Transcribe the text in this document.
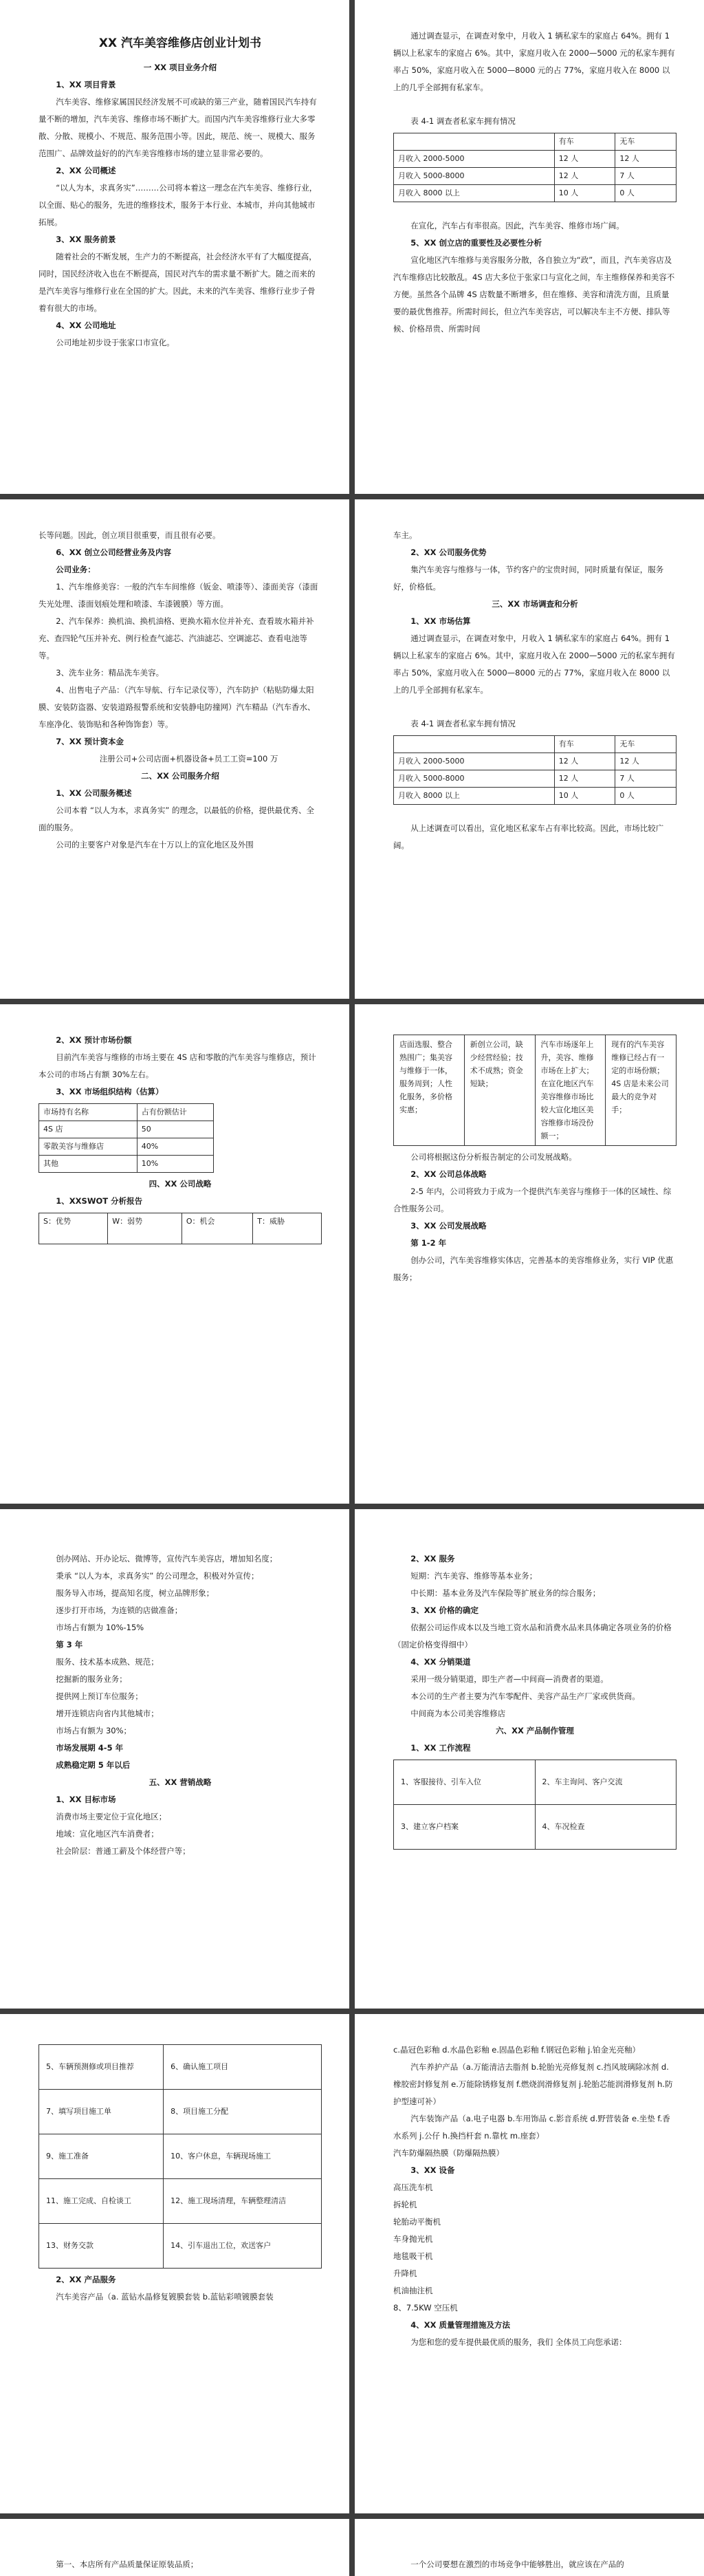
XX 汽车美容维修店创业计划书

一 XX 项目业务介绍

1、XX 项目背景

汽车美容、维修家属国民经济发展不可或缺的第三产业，随着国民汽车持有量不断的增加，汽车美容、维修市场不断扩大。而国内汽车美容维修行业大多零散、分散、规模小、不规范、服务范围小等。因此，规范、统一、规模大、服务范围广、品牌效益好的的汽车美容维修市场的建立显非常必要的。

2、XX 公司概述

“以人为本，求真务实”………公司将本着这一理念在汽车美容、维修行业，以全面、贴心的服务，先进的维修技术，服务于本行业、本城市，并向其他城市拓展。

3、XX 服务前景

随着社会的不断发展，生产力的不断提高，社会经济水平有了大幅度提高，同时，国民经济收入也在不断提高，国民对汽车的需求量不断扩大。随之而来的是汽车美容与维修行业在全国的扩大。因此，未来的汽车美容、维修行业步子骨着有很大的市场。

4、XX 公司地址

公司地址初步设于张家口市宣化。

通过调查显示，在调查对象中，月收入 1 辆私家车的家庭占 64%。拥有 1 辆以上私家车的家庭占 6%。其中，家庭月收入在 2000—5000 元的私家车拥有率占 50%，家庭月收入在 5000—8000 元的占 77%，家庭月收入在 8000 以上的几乎全部拥有私家车。

表 4-1 调查者私家车拥有情况

	有车	无车
月收入 2000-5000	12 人	12 人
月收入 5000-8000	12 人	7 人
月收入 8000 以上	10 人	0 人

在宣化，汽车占有率很高。因此，汽车美容、维修市场广阔。

5、XX 创立店的重要性及必要性分析

宣化地区汽车维修与美容服务分散，各自独立为“政”，而且，汽车美容店及汽车维修店比较散乱。4S 店大多位于张家口与宣化之间，车主维修保养和美容不方便。虽然各个品牌 4S 店数量不断增多，但在维修、美容和清洗方面，且质量要的最优售推荐。所需时间长，但立汽车美容店，可以解决车主不方便、排队等候、价格昂贵、所需时间

长等问题。因此，创立项目很重要，而且很有必要。

6、XX 创立公司经营业务及内容

公司业务：

1、汽车维修美容：一般的汽车车间维修（钣金、喷漆等）、漆面美容（漆面失光处理、漆面划痕处理和喷漆、车漆镀膜）等方面。

2、汽车保养：换机油、换机油格、更换水箱水位并补充、查看玻水箱并补充、查四轮气压并补充、例行检查气滤芯、汽油滤芯、空调滤芯、查看电池等等。

3、洗车业务：精品洗车美容。

4、出售电子产品：（汽车导航、行车记录仪等），汽车防护（粘贴防爆太阳膜、安装防盗器、安装道路报警系统和安装静电防撞网）汽车精品（汽车香水、车座净化、装饰贴和各种饰饰套）等。

7、XX 预计资本金

注册公司+公司店面+机器设备+员工工资=100 万

二、XX 公司服务介绍

1、XX 公司服务概述

公司本着 “以人为本，求真务实” 的理念，以最低的价格，提供最优秀、全面的服务。

公司的主要客户对象是汽车在十万以上的宣化地区及外围

车主。

2、XX 公司服务优势

集汽车美容与维修与一体，节约客户的宝贵时间，同时质量有保证，服务好，价格低。

三、XX 市场调查和分析

1、XX 市场估算

通过调查显示，在调查对象中，月收入 1 辆私家车的家庭占 64%。拥有 1 辆以上私家车的家庭占 6%。其中，家庭月收入在 2000—5000 元的私家车拥有率占 50%，家庭月收入在 5000—8000 元的占 77%，家庭月收入在 8000 以上的几乎全部拥有私家车。

表 4-1 调查者私家车拥有情况

	有车	无车
月收入 2000-5000	12 人	12 人
月收入 5000-8000	12 人	7 人
月收入 8000 以上	10 人	0 人

从上述调查可以看出，宣化地区私家车占有率比较高。因此，市场比较广阔。

2、XX 预计市场份额

目前汽车美容与维修的市场主要在 4S 店和零散的汽车美容与维修店，预计本公司的市场占有额 30%左右。

3、XX 市场组织结构（估算）

市场持有名称	占有份额估计
4S 店	50
零散美容与维修店	40%
其他	10%

四、XX 公司战略

1、XXSWOT 分析报告

S：优势	W：弱势	O：机会	T：威胁
店面选服、整合熟围广；集美容与维修于一体，服务周到；人性化服务，多价格实惠；	新创立公司，缺少经营经验；技术不成熟；资金短缺；	汽车市场逐年上升，美容、维修市场在上扩大；在宣化地区汽车美容维修市场比较大宣化地区美容维修市场没份额一；	现有的汽车美容维修已经占有一定的市场份额；4S 店是未来公司最大的竞争对手；

公司将根据这份分析报告制定的公司发展战略。

2、XX 公司总体战略

2-5 年内，公司将致力于成为一个提供汽车美容与维修于一体的区域性、综合性服务公司。

3、XX 公司发展战略

第 1-2 年

创办公司，汽车美容维修实体店，完善基本的美容维修业务，实行 VIP 优惠服务；

创办网站、开办论坛、微博等，宣传汽车美容店，增加知名度；

秉承 “以人为本，求真务实” 的公司理念，积极对外宣传；

服务导入市场，提高知名度，树立品牌形象；

逐步打开市场，为连锁的店做准备；

市场占有额为 10%-15%

第 3 年

服务、技术基本成熟、规范；

挖掘新的服务业务；

提供网上预订车位服务；

增开连锁店向省内其他城市；

市场占有额为 30%；

市场发展期 4-5 年

成熟稳定期 5 年以后

五、XX 营销战略

1、XX 目标市场

消费市场主要定位于宣化地区；

地域：宣化地区汽车消费者；

社会阶层：普通工薪及个体经营户等；

2、XX 服务

短期：汽车美容、维修等基本业务；

中长期：基本业务及汽车保险等扩展业务的综合服务；

3、XX 价格的确定

依据公司运作成本以及当地工资水品和消费水品来具体确定各项业务的价格（固定价格变得细中）

4、XX 分销渠道

采用一级分销渠道，即生产者—中间商—消费者的渠道。

本公司的生产者主要为汽车零配件、美容产品生产厂家或供货商。

中间商为本公司美容维修店

六、XX 产品制作管理

1、XX 工作流程

1、客服接待、引车入位	2、车主询问、客户交流
3、建立客户档案	4、车况检查
5、车辆预测修或项目推荐	6、确认施工项目
7、填写项目施工单	8、项目施工分配
9、施工准备	10、客户休息，车辆现场施工
11、施工完成、自检谈工	12、施工现场清理，车辆整理清洁
13、财务交款	14、引车退出工位，欢送客户

2、XX 产品服务

汽车美容产品（a. 蓝钻水晶修复镀膜套装 b.蓝钻彩喷镀膜套装

c.晶冠色彩釉 d.水晶色彩釉 e.固晶色彩釉 f.钢冠色彩釉 j.铂金光亮釉）

汽车养护产品（a.万能清洁去脂剂 b.轮胎光亮修复剂 c.挡风玻璃除冰剂 d.橡胶密封修复剂 e.万能除锈修复剂 f.燃烧润滑修复剂 j.轮胎芯能润滑修复剂 h.防护型速可补）

汽车装饰产品（a.电子电器 b.车用饰品 c.影音系统 d.野营装备 e.坐垫 f.香水系列 j.公仔 h.換挡杆套 n.靠枕 m.座套）

汽车防爆隔热膜（防爆隔热膜）

3、XX 设备

高压洗车机

拆轮机

轮胎动平衡机

车身抛光机

地毯吸干机

升降机

机油抽注机

8、7.5KW 空压机

4、XX 质量管理措施及方法

为您和您的爱车提供最优质的服务，我们 全体员工向您承诺：

第一、本店所有产品质量保证原装品质；	一个公司要想在激烈的市场竞争中能够胜出，就应该在产品的
